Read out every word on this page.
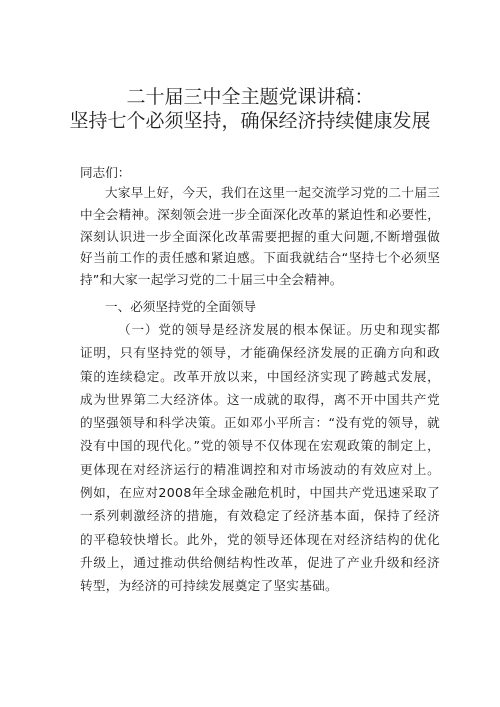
二十届三中全主题党课讲稿：
坚持七个必须坚持，确保经济持续健康发展
同志们：
大家早上好，今天，我们在这里一起交流学习党的二十届三中全会精神。深刻领会进一步全面深化改革的紧迫性和必要性，深刻认识进一步全面深化改革需要把握的重大问题,不断增强做好当前工作的责任感和紧迫感。下面我就结合“坚持七个必须坚持”和大家一起学习党的二十届三中全会精神。
一、必须坚持党的全面领导
（一）党的领导是经济发展的根本保证。历史和现实都证明，只有坚持党的领导，才能确保经济发展的正确方向和政策的连续稳定。改革开放以来，中国经济实现了跨越式发展，成为世界第二大经济体。这一成就的取得，离不开中国共产党的坚强领导和科学决策。正如邓小平所言：“没有党的领导，就没有中国的现代化。”党的领导不仅体现在宏观政策的制定上，更体现在对经济运行的精准调控和对市场波动的有效应对上。例如，在应对2008年全球金融危机时，中国共产党迅速采取了一系列刺激经济的措施，有效稳定了经济基本面，保持了经济的平稳较快增长。此外，党的领导还体现在对经济结构的优化升级上，通过推动供给侧结构性改革，促进了产业升级和经济转型，为经济的可持续发展奠定了坚实基础。
